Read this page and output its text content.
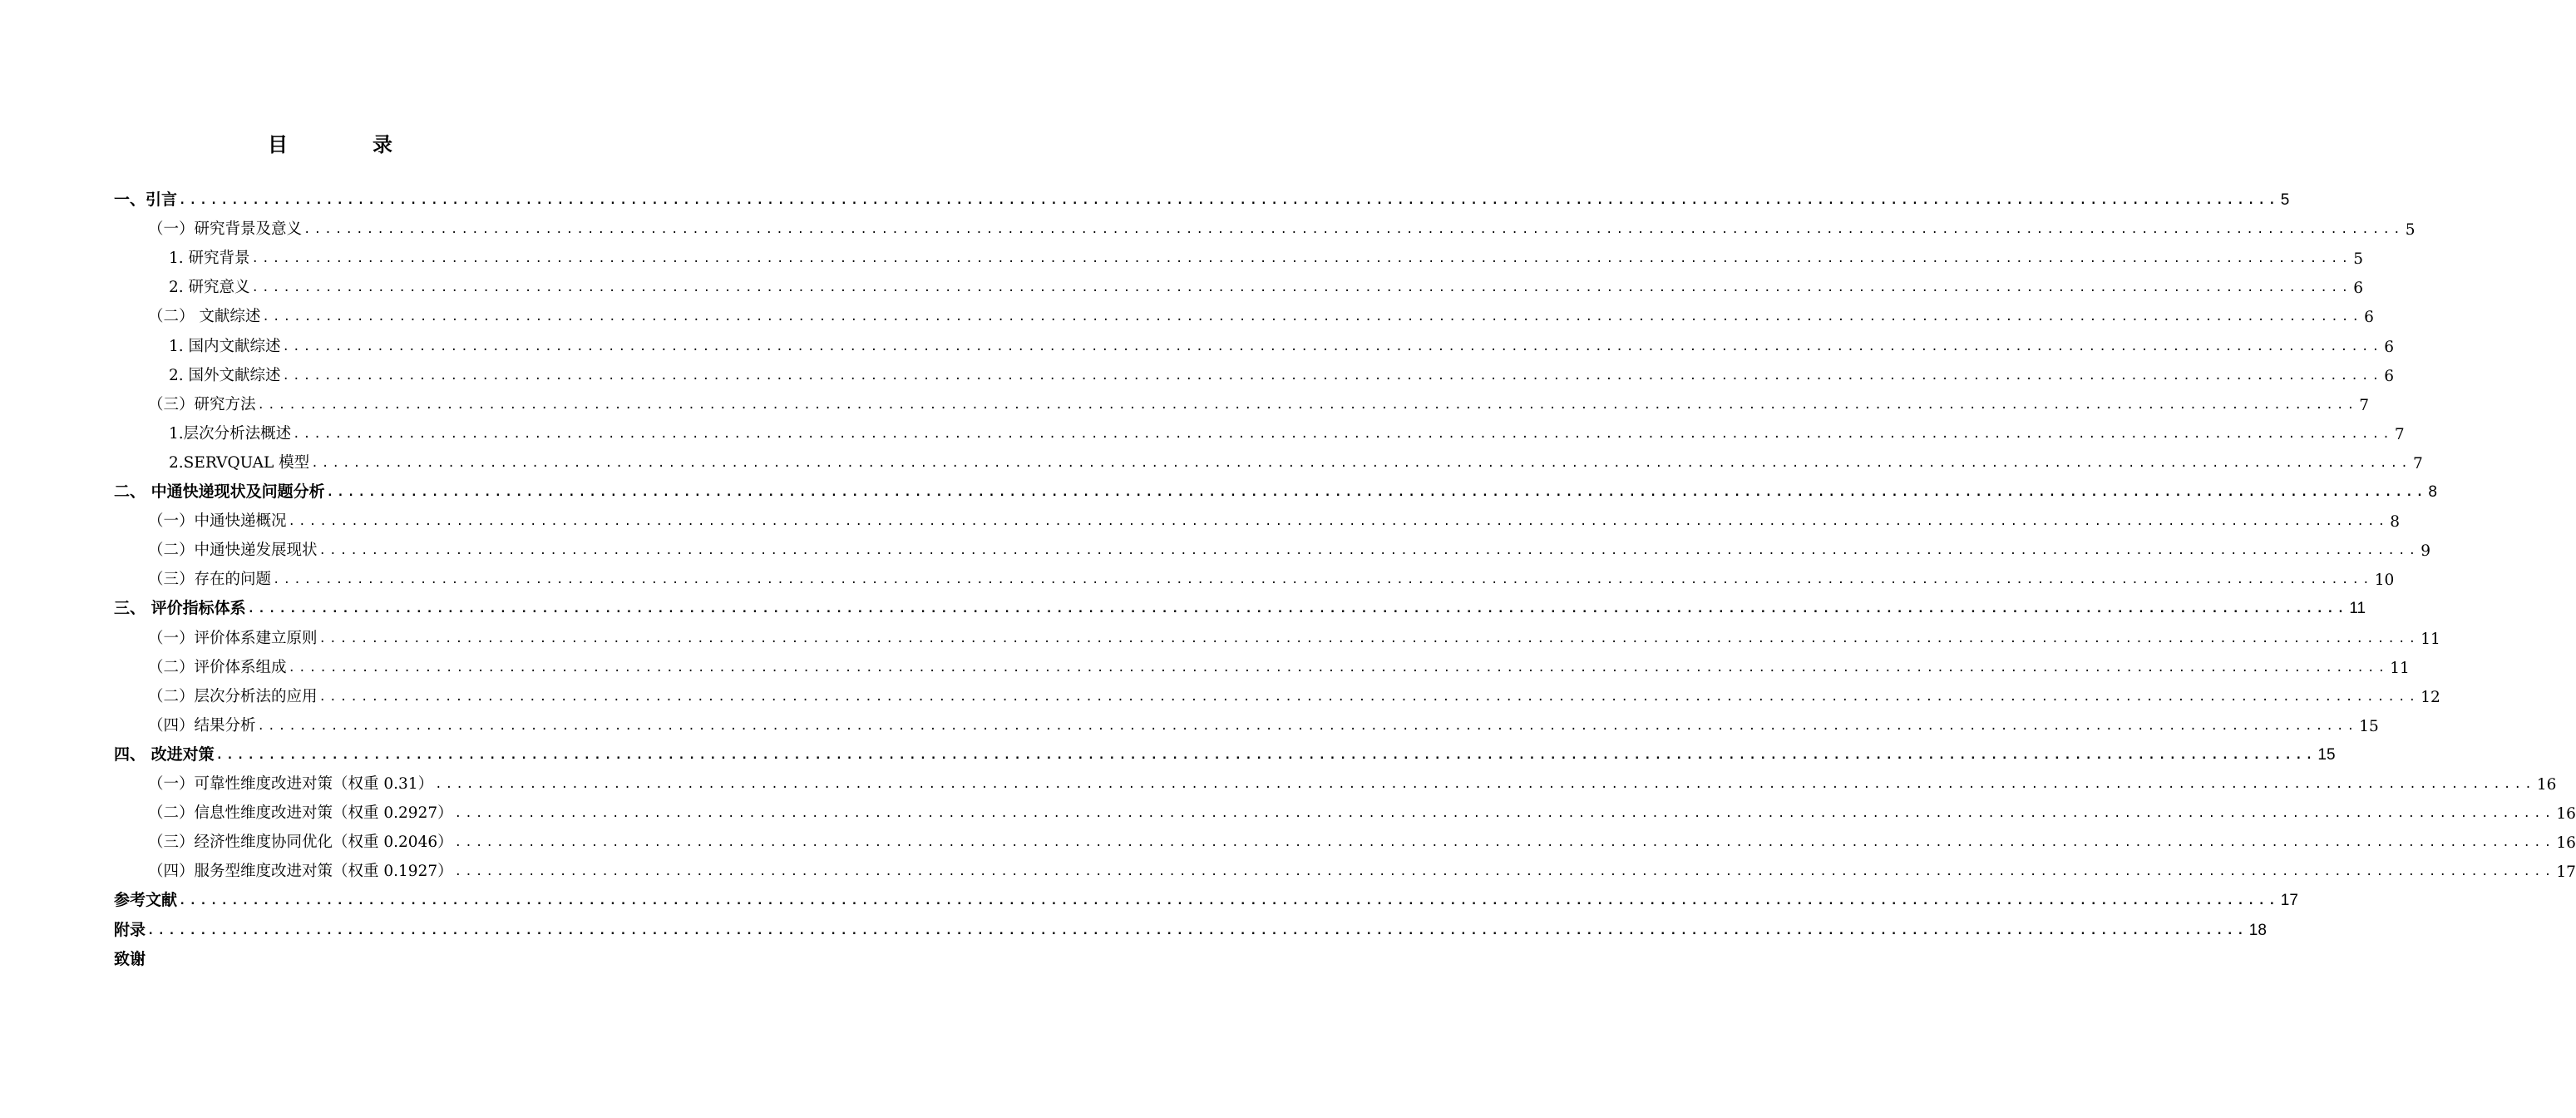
目	录
一、引言 ........................................................................................................................................................................................................ 5
（一）研究背景及意义 ........................................................................................................................................................................................................ 5
1. 研究背景 ........................................................................................................................................................................................................ 5
2. 研究意义 ........................................................................................................................................................................................................ 6
（二） 文献综述 ........................................................................................................................................................................................................ 6
1. 国内文献综述 ........................................................................................................................................................................................................ 6
2. 国外文献综述 ........................................................................................................................................................................................................ 6
（三）研究方法 ........................................................................................................................................................................................................ 7
1.层次分析法概述 ........................................................................................................................................................................................................ 7
2.SERVQUAL 模型 ........................................................................................................................................................................................................ 7
二、 中通快递现状及问题分析 ........................................................................................................................................................................................................ 8
（一）中通快递概况 ........................................................................................................................................................................................................ 8
（二）中通快递发展现状 ........................................................................................................................................................................................................ 9
（三）存在的问题 ........................................................................................................................................................................................................ 10
三、 评价指标体系 ........................................................................................................................................................................................................ 11
（一）评价体系建立原则 ........................................................................................................................................................................................................ 11
（二）评价体系组成 ........................................................................................................................................................................................................ 11
（二）层次分析法的应用 ........................................................................................................................................................................................................ 12
（四）结果分析 ........................................................................................................................................................................................................ 15
四、 改进对策 ........................................................................................................................................................................................................ 15
（一）可靠性维度改进对策（权重 0.31） ........................................................................................................................................................................................................ 16
（二）信息性维度改进对策（权重 0.2927） ........................................................................................................................................................................................................ 16
（三）经济性维度协同优化（权重 0.2046） ........................................................................................................................................................................................................ 16
（四）服务型维度改进对策（权重 0.1927） ........................................................................................................................................................................................................ 17
参考文献 ........................................................................................................................................................................................................ 17
附录 ........................................................................................................................................................................................................ 18
致谢
